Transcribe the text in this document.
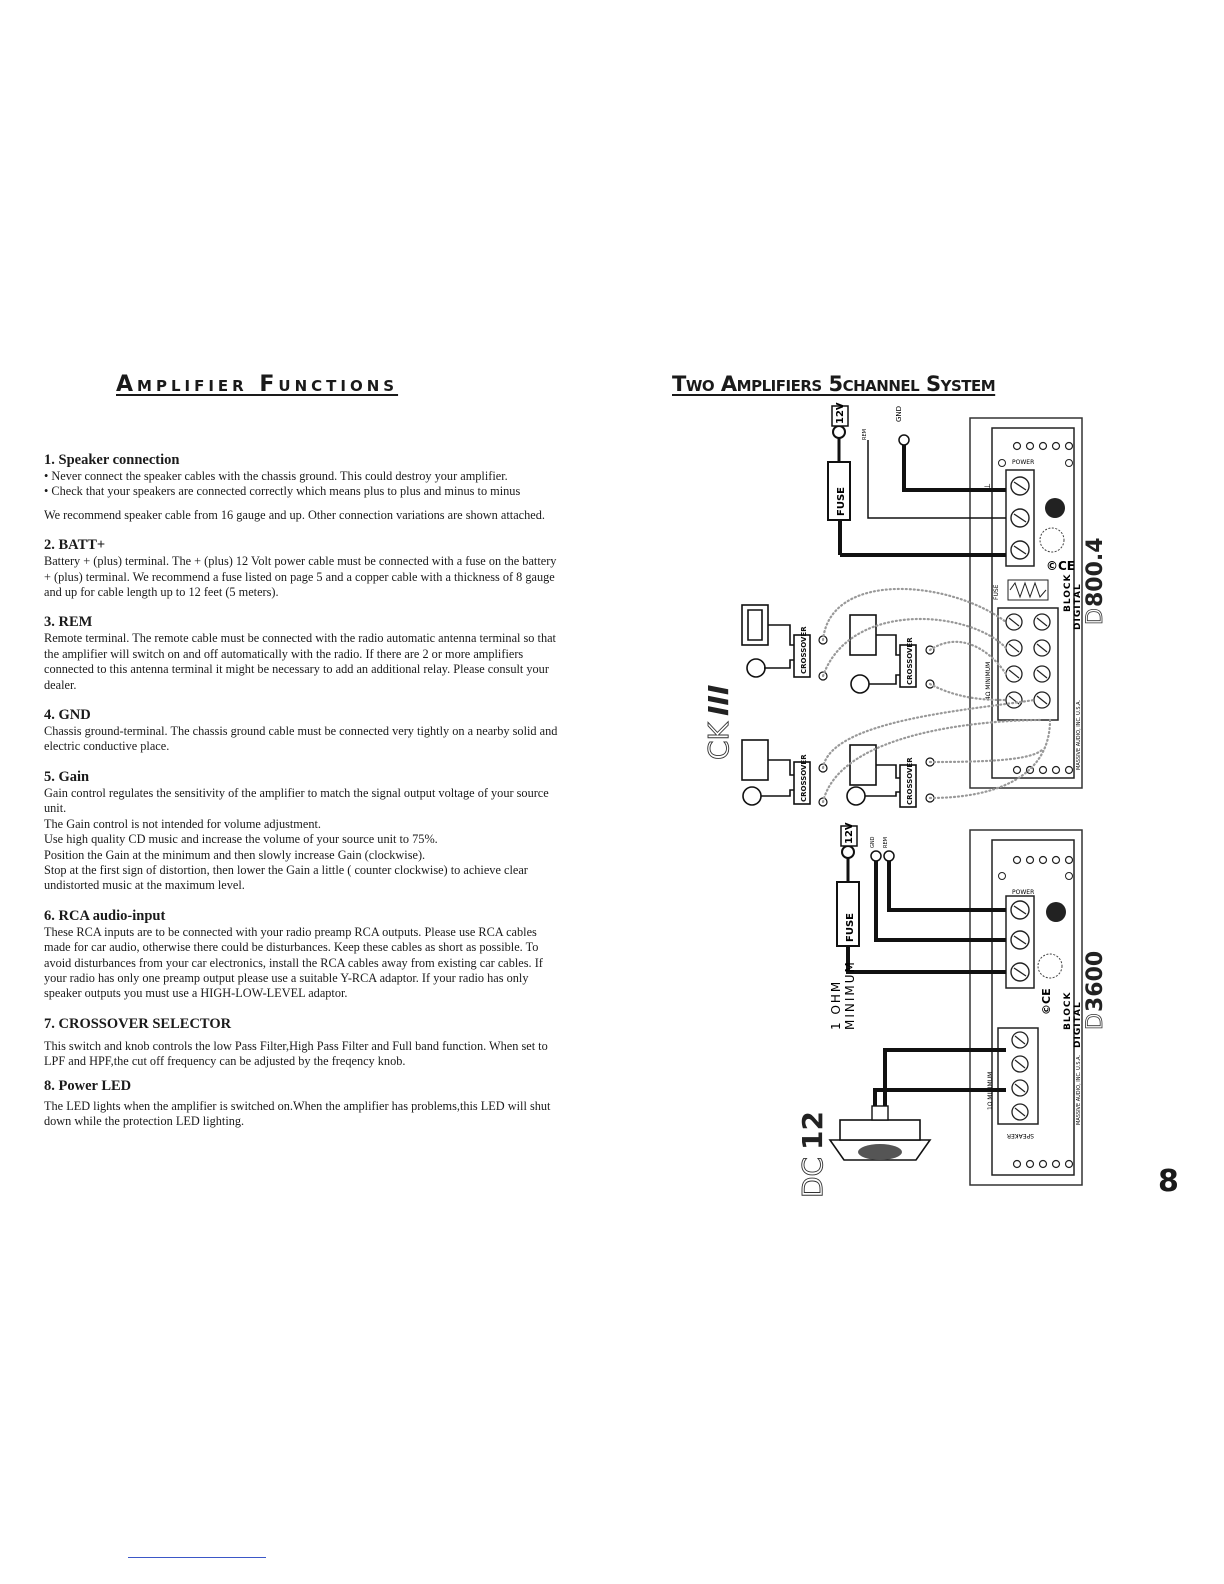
Amplifier Functions

1. Speaker connection

• Never connect the speaker cables with the chassis ground. This could destroy your amplifier.

• Check that your speakers are connected correctly which means plus to plus and minus to minus

We recommend speaker cable from 16 gauge and up. Other connection variations are shown attached.

2. BATT+

Battery + (plus) terminal. The + (plus) 12 Volt power cable must be connected with a fuse on the battery + (plus) terminal. We recommend a fuse listed on page 5 and a copper cable with a thickness of 8 gauge and up for cable length up to 12 feet (5 meters).

3. REM

Remote terminal. The remote cable must be connected with the radio automatic antenna terminal so that the amplifier will switch on and off automatically with the radio. If there are 2 or more amplifiers connected to this antenna terminal it might be necessary to add an additional relay. Please consult your dealer.

4. GND

Chassis ground-terminal. The chassis ground cable must be connected very tightly on a nearby solid and electric conductive place.

5. Gain

Gain control regulates the sensitivity of the amplifier to match the signal output voltage of your source unit.

The Gain control is not intended for volume adjustment.

Use high quality CD music and increase the volume of your source unit to 75%.

Position the Gain at the minimum and then slowly increase Gain (clockwise).

Stop at the first sign of distortion, then lower the Gain a little ( counter clockwise) to achieve clear undistorted music at the maximum level.

6. RCA audio-input

These RCA inputs are to be connected with your radio preamp RCA outputs. Please use RCA cables made for car audio, otherwise there could be disturbances. Keep these cables as short as possible. To avoid disturbances from your car electronics, install the RCA cables away from existing car cables. If your radio has only one preamp output please use a suitable Y-RCA adaptor. If your radio has only speaker outputs you must use a HIGH-LOW-LEVEL adaptor.

7. CROSSOVER SELECTOR

This switch and knob controls the low Pass Filter,High Pass Filter and Full band function. When set to LPF and HPF,the cut off frequency can be adjusted by the freqency knob.

8. Power LED

The LED lights when the amplifier is switched on.When the amplifier has problems,this LED will shut down while the protection LED lighting.

Two Amplifiers 5channel System
POWER
⊥
©CE
FUSE
4Ω MINIMUM
D
800.4
DIGITAL
BLOCK
MASSIVE AUDIO, INC. U.S.A.
FUSE
12V
REM
GND
CROSSOVER	CROSSOVER
CROSSOVER	CROSSOVER
CK
III
POWER
©CE
1Ω MINIMUM
SPEAKER
D
3600
DIGITAL
BLOCK
MASSIVE AUDIO, INC. U.S.A.
FUSE
12V	GND REM
1 OHM MINIMUM
DC
12
8
